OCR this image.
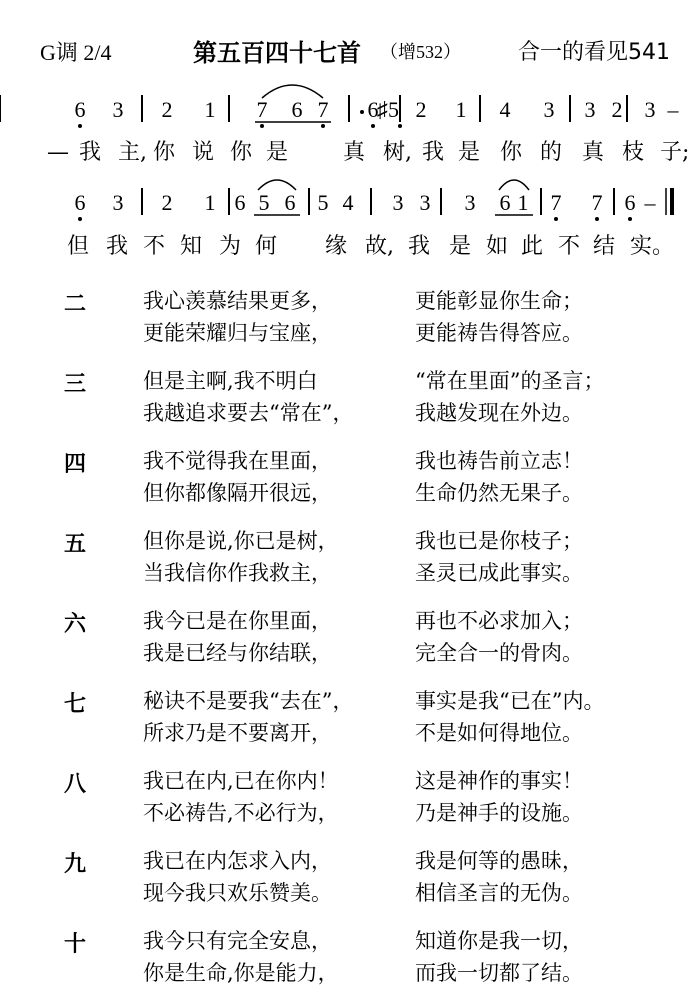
G调 2/4	第五百四十七首 （增532）	合一的看见541
6 3 2 1 7 6 7 6
♯5 2 1 4 3 3 2 3 –
— 我 主, 你 说 你 是 真 树, 我 是 你 的 真 枝 子;
6 3 2 1 6 5 6 5 4 3 3 3 6 1 7 7 6 –
但 我 不 知 为 何 缘 故, 我 是 如 此 不 结 实。
二	我心羡慕结果更多，	更能彰显你生命；
更能荣耀归与宝座，	更能祷告得答应。
三	但是主啊,我不明白	“常在里面”的圣言；
我越追求要去“常在”，	我越发现在外边。
四	我不觉得我在里面，	我也祷告前立志！
但你都像隔开很远，	生命仍然无果子。
五	但你是说,你已是树，	我也已是你枝子；
当我信你作我救主，	圣灵已成此事实。
六	我今已是在你里面，	再也不必求加入；
我是已经与你结联，	完全合一的骨肉。
七	秘诀不是要我“去在”，	事实是我“已在”内。
所求乃是不要离开，	不是如何得地位。
八	我已在内,已在你内！	这是神作的事实！
不必祷告,不必行为，	乃是神手的设施。
九	我已在内怎求入内，	我是何等的愚昧，
现今我只欢乐赞美。	相信圣言的无伪。
十	我今只有完全安息，	知道你是我一切，
你是生命,你是能力，	而我一切都了结。
